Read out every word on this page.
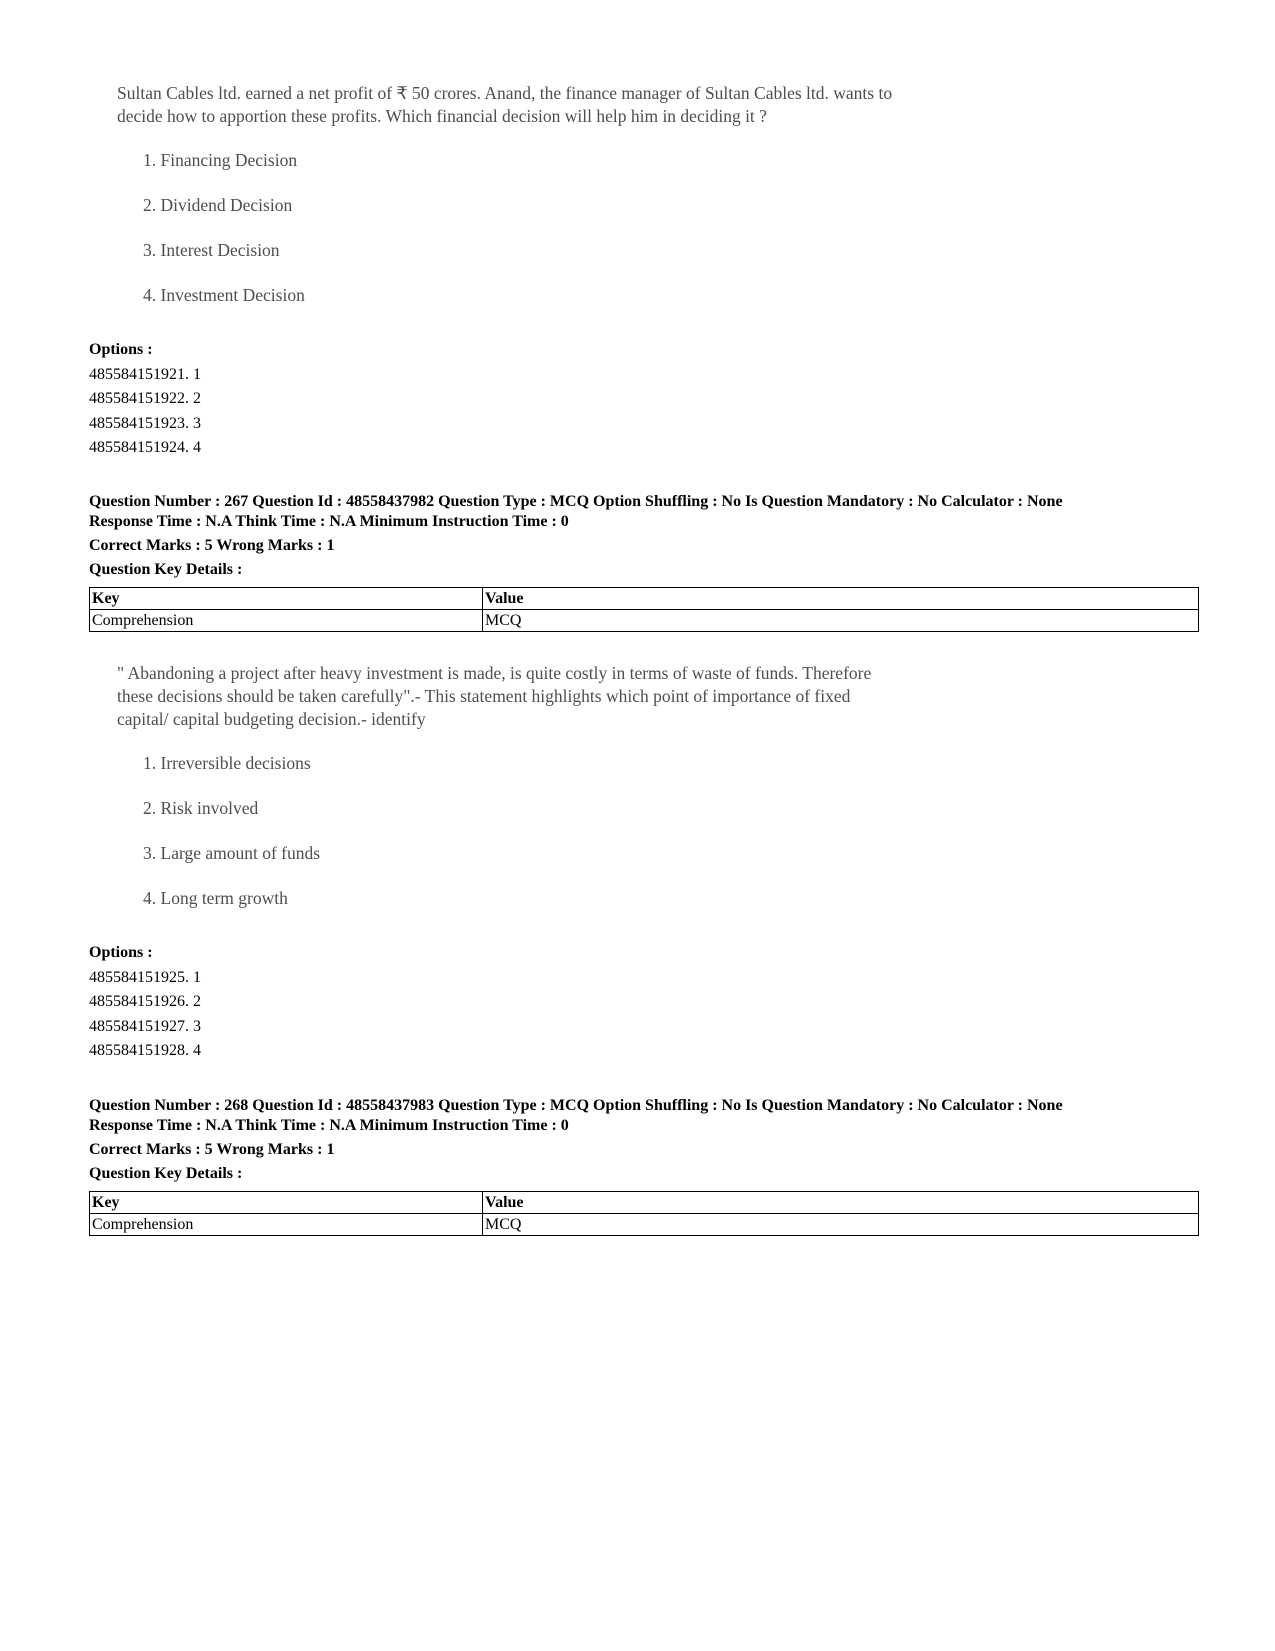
Sultan Cables ltd. earned a net profit of ₹ 50 crores. Anand, the finance manager of Sultan Cables ltd. wants to
decide how to apportion these profits. Which financial decision will help him in deciding it ?
1. Financing Decision
2. Dividend Decision
3. Interest Decision
4. Investment Decision
Options :
485584151921. 1
485584151922. 2
485584151923. 3
485584151924. 4
Question Number : 267 Question Id : 48558437982 Question Type : MCQ Option Shuffling : No Is Question Mandatory : No Calculator : None
Response Time : N.A Think Time : N.A Minimum Instruction Time : 0
Correct Marks : 5 Wrong Marks : 1
Question Key Details :
Key	Value
Comprehension	MCQ
" Abandoning a project after heavy investment is made, is quite costly in terms of waste of funds. Therefore
these decisions should be taken carefully".- This statement highlights which point of importance of fixed
capital/ capital budgeting decision.- identify
1. Irreversible decisions
2. Risk involved
3. Large amount of funds
4. Long term growth
Options :
485584151925. 1
485584151926. 2
485584151927. 3
485584151928. 4
Question Number : 268 Question Id : 48558437983 Question Type : MCQ Option Shuffling : No Is Question Mandatory : No Calculator : None
Response Time : N.A Think Time : N.A Minimum Instruction Time : 0
Correct Marks : 5 Wrong Marks : 1
Question Key Details :
Key	Value
Comprehension	MCQ
